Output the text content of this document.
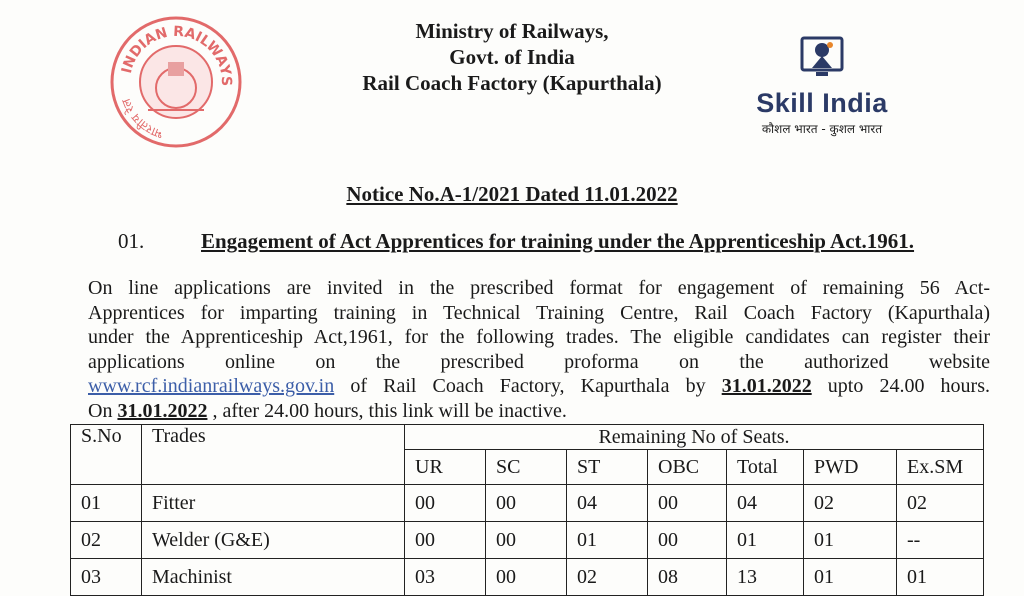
INDIAN RAILWAYS
भारतीय रेल
Ministry of Railways,
Govt. of India
Rail Coach Factory (Kapurthala)
Skill India
कौशल भारत - कुशल भारत
Notice No.A-1/2021 Dated 11.01.2022
01.	Engagement of Act Apprentices for training under the Apprenticeship Act.1961.
On line applications are invited in the prescribed format for engagement of remaining 56 Act-
Apprentices for imparting training in Technical Training Centre, Rail Coach Factory (Kapurthala)
under the Apprenticeship Act,1961, for the following trades. The eligible candidates can register their
applications online on the prescribed proforma on the authorized website
www.rcf.indianrailways.gov.in of Rail Coach Factory, Kapurthala by 31.01.2022 upto 24.00 hours.
On 31.01.2022 , after 24.00 hours, this link will be inactive.
S.No	Trades	Remaining No of Seats.						
		UR	SC	ST	OBC	Total	PWD	Ex.SM
01	Fitter	00	00	04	00	04	02	02
02	Welder (G&E)	00	00	01	00	01	01	--
03	Machinist	03	00	02	08	13	01	01
